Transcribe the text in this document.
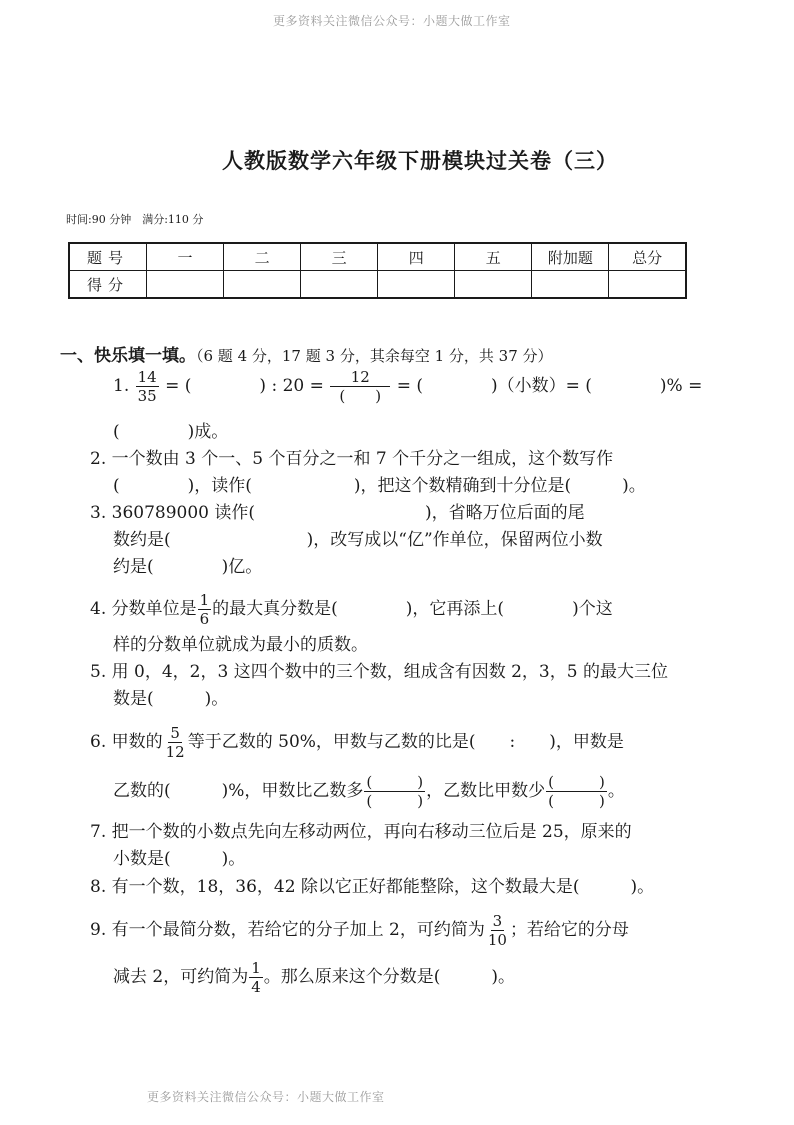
更多资料关注微信公众号：小题大做工作室
人教版数学六年级下册模块过关卷（三）
时间:90 分钟　满分:110 分
题号	一	二	三	四	五	附加题	总分
得分							
一、快乐填一填。（6 题 4 分，17 题 3 分，其余每空 1 分，共 37 分）
1. $\frac{14}{35}$ = (　　　　) : $20 = \frac{12}{( )}$ = (　　　　)（小数）= (　　　　)% =
(　　　　)成。
2. 一个数由 3 个一、5 个百分之一和 7 个千分之一组成，这个数写作
(　　　　)，读作(　　　　　　)，把这个数精确到十分位是(　　　)。
3. 360789000 读作(　　　　　　　　　　)，省略万位后面的尾
数约是(　　　　　　　　)，改写成以“亿”作单位，保留两位小数
约是(　　　　)亿。
4. 分数单位是 $\frac{1}{6}$ 的最大真分数是(　　　　)，它再添上(　　　　)个这
样的分数单位就成为最小的质数。
5. 用 0，4，2，3 这四个数中的三个数，组成含有因数 2，3，5 的最大三位
数是(　　　)。
6. 甲数的 $\frac{5}{12}$ 等于乙数的 50%，甲数与乙数的比是(　　:　　)，甲数是
乙数的(　　　)%，甲数比乙数多 $\frac{( )}{( )}$ ，乙数比甲数少 $\frac{( )}{( )}$ 。
7. 把一个数的小数点先向左移动两位，再向右移动三位后是 25，原来的
小数是(　　　)。
8. 有一个数，18，36，42 除以它正好都能整除，这个数最大是(　　　)。
9. 有一个最简分数，若给它的分子加上 2，可约简为 $\frac{3}{10}$ ；若给它的分母
减去 2，可约简为 $\frac{1}{4}$ 。那么原来这个分数是(　　　)。
更多资料关注微信公众号：小题大做工作室
